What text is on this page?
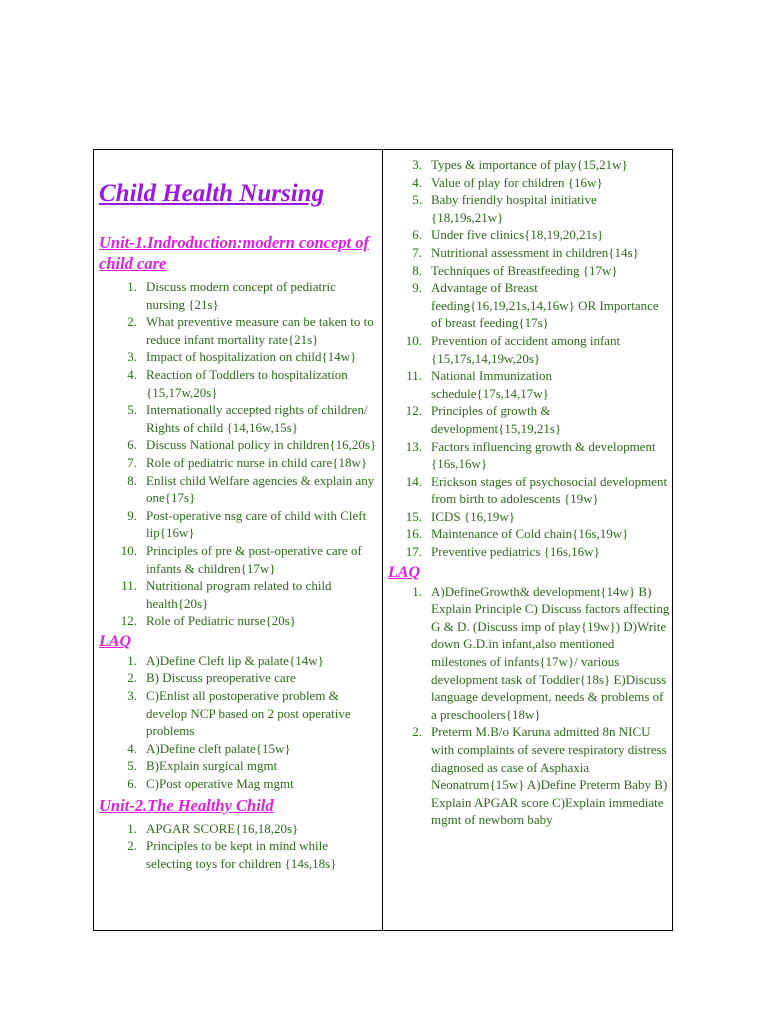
Child Health Nursing
Unit-1.Indroduction:modern concept of child care
1. Discuss modern concept of pediatric nursing {21s}
2. What preventive measure can be taken to to reduce infant mortality rate{21s}
3. Impact of hospitalization on child{14w}
4. Reaction of Toddlers to hospitalization {15,17w,20s}
5. Internationally accepted rights of children/ Rights of child {14,16w,15s}
6. Discuss National policy in children{16,20s}
7. Role of pediatric nurse in child care{18w}
8. Enlist child Welfare agencies & explain any one{17s}
9. Post-operative nsg care of child with Cleft lip{16w}
10. Principles of pre & post-operative care of infants & children{17w}
11. Nutritional program related to child health{20s}
12. Role of Pediatric nurse{20s}
LAQ
1. A)Define Cleft lip & palate{14w}
2. B) Discuss preoperative care
3. C)Enlist all postoperative problem & develop NCP based on 2 post operative problems
4. A)Define cleft palate{15w}
5. B)Explain surgical mgmt
6. C)Post operative Mag mgmt
Unit-2.The Healthy Child
1. APGAR SCORE{16,18,20s}
2. Principles to be kept in mind while selecting toys for children {14s,18s}
3. Types & importance of play{15,21w}
4. Value of play for children {16w}
5. Baby friendly hospital initiative {18,19s,21w}
6. Under five clinics{18,19,20,21s}
7. Nutritional assessment in children{14s}
8. Techniques of Breastfeeding {17w}
9. Advantage of Breast feeding{16,19,21s,14,16w} OR Importance of breast feeding{17s}
10. Prevention of accident among infant {15,17s,14,19w,20s}
11. National Immunization schedule{17s,14,17w}
12. Principles of growth & development{15,19,21s}
13. Factors influencing growth & development {16s,16w}
14. Erickson stages of psychosocial development from birth to adolescents {19w}
15. ICDS {16,19w}
16. Maintenance of Cold chain{16s,19w}
17. Preventive pediatrics {16s,16w}
LAQ
1. A)DefineGrowth& development{14w} B) Explain Principle C) Discuss factors affecting G & D. (Discuss imp of play{19w}) D)Write down G.D.in infant,also mentioned milestones of infants{17w}/ various development task of Toddler{18s} E)Discuss language development, needs & problems of a preschoolers{18w}
2. Preterm M.B/o Karuna admitted 8n NICU with complaints of severe respiratory distress diagnosed as case of Asphaxia Neonatrum{15w} A)Define Preterm Baby B) Explain APGAR score C)Explain immediate mgmt of newborn baby
